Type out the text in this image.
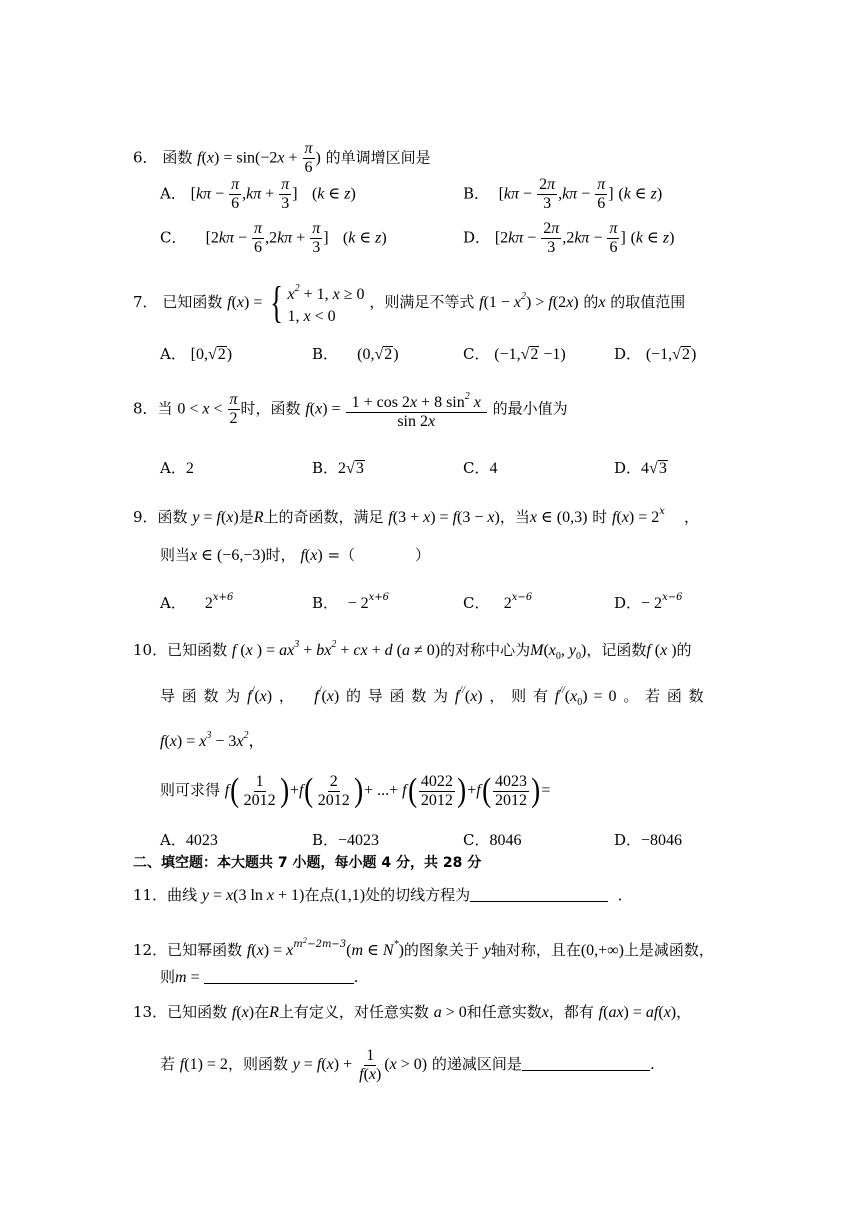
6． 函数 $f(x) = \sin(-2x + \frac{\pi}{6}$ ) 的单调增区间是
A． [$k\pi - \frac{\pi}{6} ,k\pi + \frac{\pi}{3}$ ] (k ∈ z)	B． [$k\pi - \frac{2\pi}{3} ,k\pi - \frac{\pi}{6}$ ] (k ∈ z)
C． [$2k\pi - \frac{\pi}{6} ,2k\pi + \frac{\pi}{3}$ ] (k ∈ z)	D． [$2k\pi - \frac{2\pi}{3} ,2k\pi - \frac{\pi}{6}$ ] (k ∈ z)
7． 已知函数 f(x) = { $x^2 + 1$, x ≥ 0
1, x < 0
，则满足不等式 $f(1 - x^2) > f(2x)$ 的x 的取值范围
A． [0,√2)	B． (0,√2)	C． (−1,√2 −1)	D． (−1,√2)
8．当 $0 < x < \frac{\pi}{2}$ 时，函数 $f(x) = \frac{1 + \cos 2x + 8 \sin^2 x}{\sin 2x}$ 的最小值为
A．2	B．2√3	C．4	D．4√3
9．函数 y = f(x)是R上的奇函数，满足 f(3 + x) = f(3 − x)，当x ∈ (0,3) 时 $f(x) = 2^x$ ，
则当x ∈ (−6,−3)时， f(x) =（　　　　）
A． $2^{x+6}$	B． − $2^{x+6}$	C． $2^{x-6}$	D．− $2^{x-6}$
10．已知函数 f (x ) = $ax^3 + bx^2$ + cx + d (a ≠ 0)的对称中心为$M(x_0$, $y_0$)，记函数f (x )的
导 函 数 为 f/(x) ， f/(x) 的 导 函 数 为 f//(x) ， 则 有 $f^{//}(x_0) = 0$ 。 若 函 数
$f(x) = x^3 - 3x^2$，
则可求得 $f( \frac{1}{2012} )+f( \frac{2}{2012}$ )+ ...+ $f( \frac{4022}{2012} )+f( \frac{4023}{2012}$ )=
A．4023	B．−4023	C．8046	D．−8046
二、填空题：本大题共 7 小题，每小题 4 分，共 28 分
11．曲线 y = x(3 ln x + 1)在点(1,1)处的切线方程为	．
12．已知幂函数 $f(x) = x^{m^2-2m-3}(m$ ∈ N*)的图象关于 y轴对称，且在(0,+∞)上是减函数，
则m =	.
13．已知函数 f(x)在R上有定义，对任意实数 a > 0和任意实数x，都有 f(ax) = af(x)，
若 f(1) = 2，则函数 $y = f(x) + \frac{1}{f(x)} (x > 0)$ 的递减区间是	.
